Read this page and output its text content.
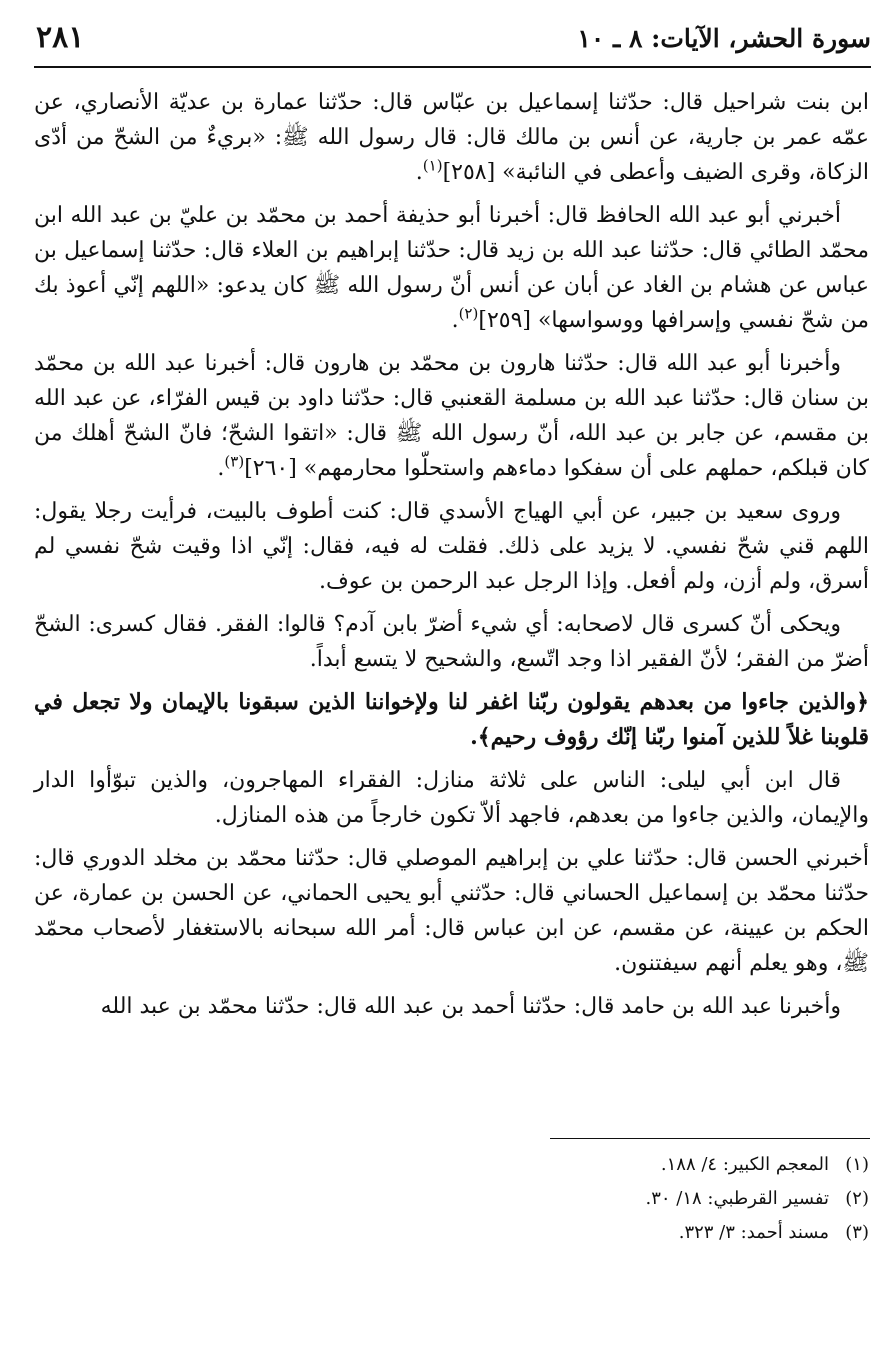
٢٨١	سورة الحشر، الآيات: ٨ ـ ١٠

ابن بنت شراحيل قال: حدّثنا إسماعيل بن عبّاس قال: حدّثنا عمارة بن عديّة الأنصاري، عن عمّه عمر بن جارية، عن أنس بن مالك قال: قال رسول الله ﷺ: «بريءٌ من الشحّ من أدّى الزكاة، وقرى الضيف وأعطى في النائبة» [٢٥٨]$^{(١)}$.

أخبرني أبو عبد الله الحافظ قال: أخبرنا أبو حذيفة أحمد بن محمّد بن عليّ بن عبد الله ابن محمّد الطائي قال: حدّثنا عبد الله بن زيد قال: حدّثنا إبراهيم بن العلاء قال: حدّثنا إسماعيل بن عباس عن هشام بن الغاد عن أبان عن أنس أنّ رسول الله ﷺ كان يدعو: «اللهم إنّي أعوذ بك من شحّ نفسي وإسرافها ووسواسها» [٢٥٩]$^{(٢)}$.

وأخبرنا أبو عبد الله قال: حدّثنا هارون بن محمّد بن هارون قال: أخبرنا عبد الله بن محمّد بن سنان قال: حدّثنا عبد الله بن مسلمة القعنبي قال: حدّثنا داود بن قيس الفرّاء، عن عبد الله بن مقسم، عن جابر بن عبد الله، أنّ رسول الله ﷺ قال: «اتقوا الشحّ؛ فانّ الشحّ أهلك من كان قبلكم، حملهم على أن سفكوا دماءهم واستحلّوا محارمهم» [٢٦٠]$^{(٣)}$.

وروى سعيد بن جبير، عن أبي الهياج الأسدي قال: كنت أطوف بالبيت، فرأيت رجلا يقول: اللهم قني شحّ نفسي. لا يزيد على ذلك. فقلت له فيه، فقال: إنّي اذا وقيت شحّ نفسي لم أسرق، ولم أزن، ولم أفعل. وإذا الرجل عبد الرحمن بن عوف.

ويحكى أنّ كسرى قال لاصحابه: أي شيء أضرّ بابن آدم؟ قالوا: الفقر. فقال كسرى: الشحّ أضرّ من الفقر؛ لأنّ الفقير اذا وجد اتّسع، والشحيح لا يتسع أبداً.

﴿والذين جاءوا من بعدهم يقولون ربّنا اغفر لنا ولإخواننا الذين سبقونا بالإيمان ولا تجعل في قلوبنا غلاً للذين آمنوا ربّنا إنّك رؤوف رحيم﴾.

قال ابن أبي ليلى: الناس على ثلاثة منازل: الفقراء المهاجرون، والذين تبوّأوا الدار والإيمان، والذين جاءوا من بعدهم، فاجهد ألاّ تكون خارجاً من هذه المنازل.

أخبرني الحسن قال: حدّثنا علي بن إبراهيم الموصلي قال: حدّثنا محمّد بن مخلد الدوري قال: حدّثنا محمّد بن إسماعيل الحساني قال: حدّثني أبو يحيى الحماني، عن الحسن بن عمارة، عن الحكم بن عيينة، عن مقسم، عن ابن عباس قال: أمر الله سبحانه بالاستغفار لأصحاب محمّد ﷺ، وهو يعلم أنهم سيفتنون.

وأخبرنا عبد الله بن حامد قال: حدّثنا أحمد بن عبد الله قال: حدّثنا محمّد بن عبد الله

(١)المعجم الكبير: ٤/ ١٨٨.
(٢)تفسير القرطبي: ١٨/ ٣٠.
(٣)مسند أحمد: ٣/ ٣٢٣.
